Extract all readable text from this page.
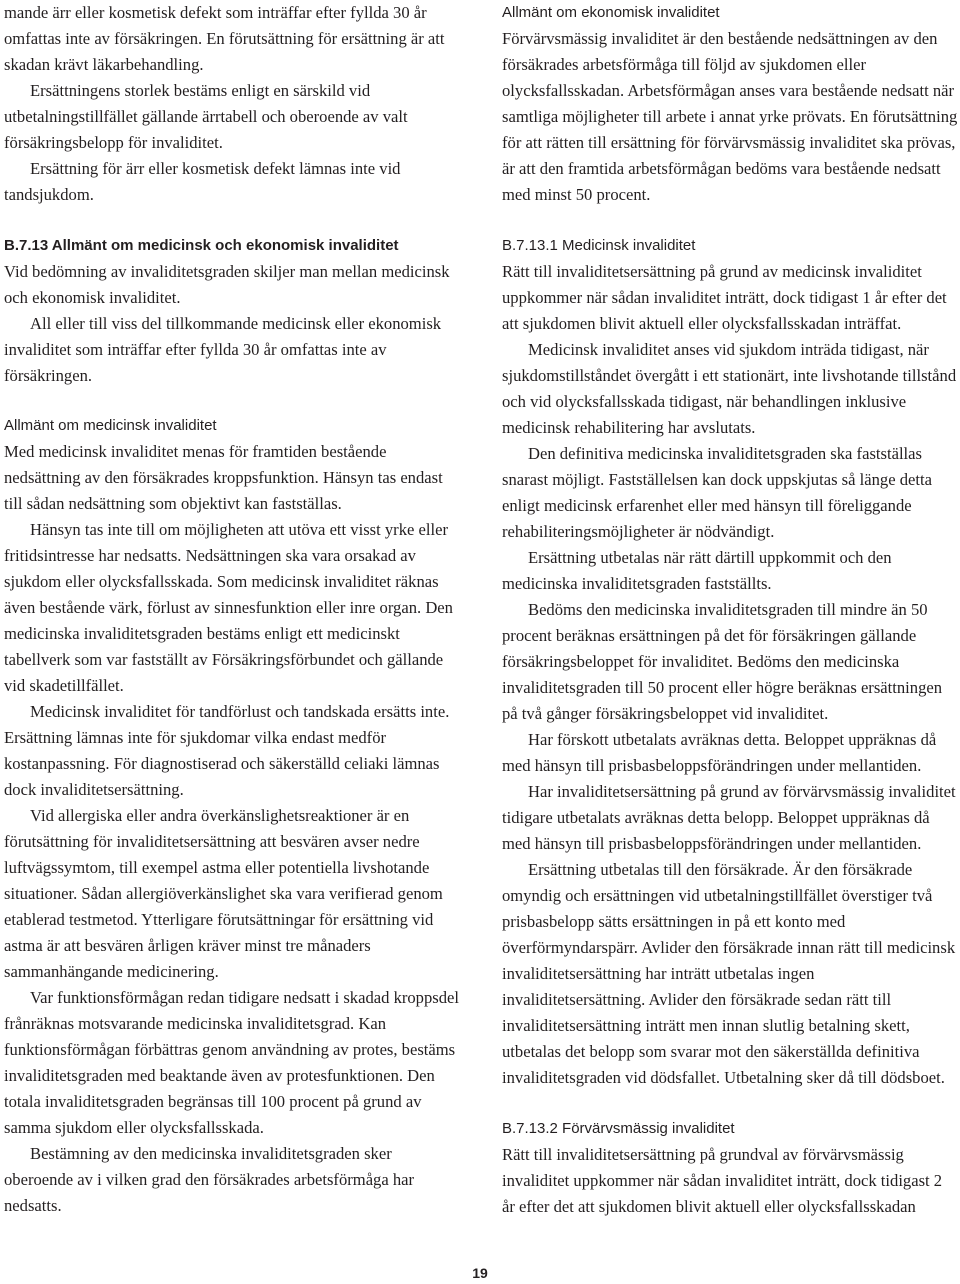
mande ärr eller kosmetisk defekt som inträffar efter fyllda 30 år omfattas inte av försäkringen. En förutsättning för ersättning är att skadan krävt läkarbehandling.

Ersättningens storlek bestäms enligt en särskild vid utbetalningstillfället gällande ärrtabell och oberoende av valt försäkringsbelopp för invaliditet.

Ersättning för ärr eller kosmetisk defekt lämnas inte vid tandsjukdom.

B.7.13 Allmänt om medicinsk och ekonomisk invaliditet

Vid bedömning av invaliditetsgraden skiljer man mellan medicinsk och ekonomisk invaliditet.

All eller till viss del tillkommande medicinsk eller ekonomisk invaliditet som inträffar efter fyllda 30 år omfattas inte av försäkringen.

Allmänt om medicinsk invaliditet

Med medicinsk invaliditet menas för framtiden bestående nedsättning av den försäkrades kroppsfunktion. Hänsyn tas endast till sådan nedsättning som objektivt kan fastställas.

Hänsyn tas inte till om möjligheten att utöva ett visst yrke eller fritidsintresse har nedsatts. Nedsättningen ska vara orsakad av sjukdom eller olycksfallsskada. Som medicinsk invaliditet räknas även bestående värk, förlust av sinnesfunktion eller inre organ. Den medicinska invaliditetsgraden bestäms enligt ett medicinskt tabellverk som var fastställt av Försäkringsförbundet och gällande vid skadetillfället.

Medicinsk invaliditet för tandförlust och tandskada ersätts inte. Ersättning lämnas inte för sjukdomar vilka endast medför kostanpassning. För diagnostiserad och säkerställd celiaki lämnas dock invaliditetsersättning.

Vid allergiska eller andra överkänslighetsreaktioner är en förutsättning för invaliditetsersättning att besvären avser nedre luftvägssymtom, till exempel astma eller potentiella livshotande situationer. Sådan allergiöverkänslighet ska vara verifierad genom etablerad testmetod. Ytterligare förutsättningar för ersättning vid astma är att besvären årligen kräver minst tre månaders sammanhängande medicinering.

Var funktionsförmågan redan tidigare nedsatt i skadad kroppsdel frånräknas motsvarande medicinska invaliditetsgrad. Kan funktionsförmågan förbättras genom användning av protes, bestäms invaliditetsgraden med beaktande även av protesfunktionen. Den totala invaliditetsgraden begränsas till 100 procent på grund av samma sjukdom eller olycksfallsskada.

Bestämning av den medicinska invaliditetsgraden sker oberoende av i vilken grad den försäkrades arbetsförmåga har nedsatts.

Allmänt om ekonomisk invaliditet

Förvärvsmässig invaliditet är den bestående nedsättningen av den försäkrades arbetsförmåga till följd av sjukdomen eller olycksfallsskadan. Arbetsförmågan anses vara bestående nedsatt när samtliga möjligheter till arbete i annat yrke prövats. En förutsättning för att rätten till ersättning för förvärvsmässig invaliditet ska prövas, är att den framtida arbetsförmågan bedöms vara bestående nedsatt med minst 50 procent.

B.7.13.1 Medicinsk invaliditet

Rätt till invaliditetsersättning på grund av medicinsk invaliditet uppkommer när sådan invaliditet inträtt, dock tidigast 1 år efter det att sjukdomen blivit aktuell eller olycksfallsskadan inträffat.

Medicinsk invaliditet anses vid sjukdom inträda tidigast, när sjukdomstillståndet övergått i ett stationärt, inte livshotande tillstånd och vid olycksfallsskada tidigast, när behandlingen inklusive medicinsk rehabilitering har avslutats.

Den definitiva medicinska invaliditetsgraden ska fastställas snarast möjligt. Fastställelsen kan dock uppskjutas så länge detta enligt medicinsk erfarenhet eller med hänsyn till föreliggande rehabiliteringsmöjligheter är nödvändigt.

Ersättning utbetalas när rätt därtill uppkommit och den medicinska invaliditetsgraden fastställts.

Bedöms den medicinska invaliditetsgraden till mindre än 50 procent beräknas ersättningen på det för försäkringen gällande försäkringsbeloppet för invaliditet. Bedöms den medicinska invaliditetsgraden till 50 procent eller högre beräknas ersättningen på två gånger försäkringsbeloppet vid invaliditet.

Har förskott utbetalats avräknas detta. Beloppet uppräknas då med hänsyn till prisbasbeloppsförändringen under mellantiden.

Har invaliditetsersättning på grund av förvärvsmässig invaliditet tidigare utbetalats avräknas detta belopp. Beloppet uppräknas då med hänsyn till prisbasbeloppsförändringen under mellantiden.

Ersättning utbetalas till den försäkrade. Är den försäkrade omyndig och ersättningen vid utbetalningstillfället överstiger två prisbasbelopp sätts ersättningen in på ett konto med överförmyndarspärr. Avlider den försäkrade innan rätt till medicinsk invaliditetsersättning har inträtt utbetalas ingen invaliditetsersättning. Avlider den försäkrade sedan rätt till invaliditetsersättning inträtt men innan slutlig betalning skett, utbetalas det belopp som svarar mot den säkerställda definitiva invaliditetsgraden vid dödsfallet. Utbetalning sker då till dödsboet.

B.7.13.2 Förvärvsmässig invaliditet

Rätt till invaliditetsersättning på grundval av förvärvsmässig invaliditet uppkommer när sådan invaliditet inträtt, dock tidigast 2 år efter det att sjukdomen blivit aktuell eller olycksfallsskadan

19
